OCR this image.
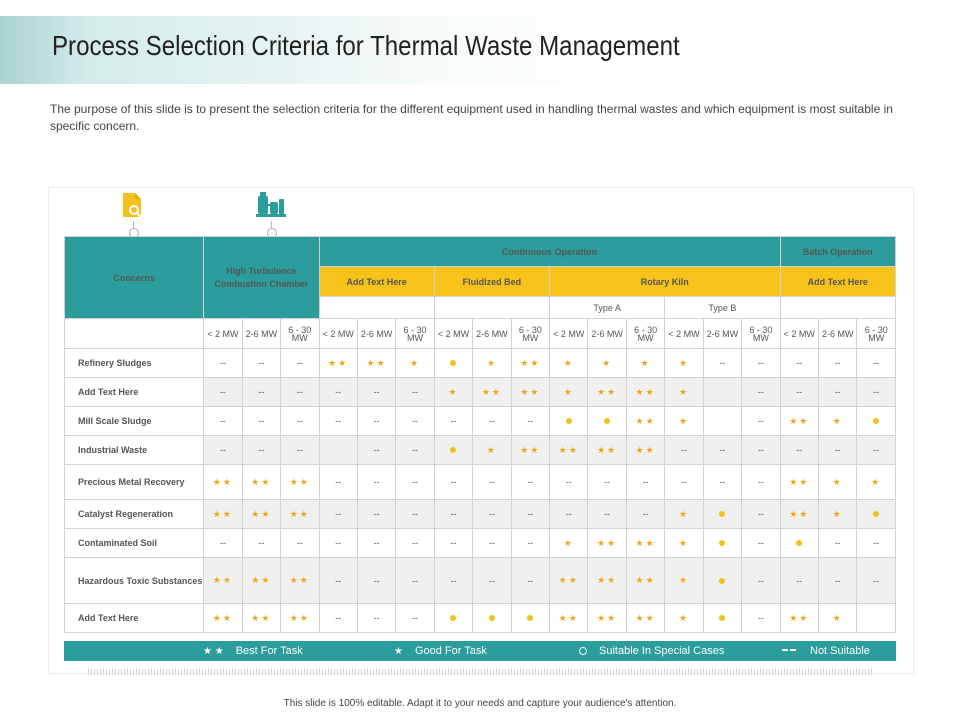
Process Selection Criteria for Thermal Waste Management
The purpose of this slide is to present the selection criteria for the different equipment used in handling thermal wastes and which equipment is most suitable in specific concern.
Concerns	High Turbulence Combustion Chamber			Continuous Operation												Batch Operation		
				Add Text Here			Fluidized Bed			Rotary Kiln						Add Text Here		
										Type A			Type B					
	< 2 MW	2-6 MW	6 - 30 MW	< 2 MW	2-6 MW	6 - 30 MW	< 2 MW	2-6 MW	6 - 30 MW	< 2 MW	2-6 MW	6 - 30 MW	< 2 MW	2-6 MW	6 - 30 MW	< 2 MW	2-6 MW	6 - 30 MW
Refinery Sludges	--	--	--	★★	★★	★		★	★★	★	★	★	★	--	--	--	--	--
Add Text Here	--	--	--	--	--	--	★	★★	★★	★	★★	★★	★		--	--	--	--
Mill Scale Sludge	--	--	--	--	--	--	--	--	--			★★	★		--	★★	★	
Industrial Waste	--	--	--		--	--		★	★★	★★	★★	★★	--	--	--	--	--	--
Precious Metal Recovery	★★	★★	★★	--	--	--	--	--	--	--	--	--	--	--	--	★★	★	★
Catalyst Regeneration	★★	★★	★★	--	--	--	--	--	--	--	--	--	★		--	★★	★	
Contaminated Soil	--	--	--	--	--	--	--	--	--	★	★★	★★	★		--		--	--
Hazardous Toxic Substances	★★	★★	★★	--	--	--	--	--	--	★★	★★	★★	★		--	--	--	--
Add Text Here	★★	★★	★★	--	--	--				★★	★★	★★	★		--	★★	★	
★ ★ Best For Task	★ Good For Task	Suitable In Special Cases	Not Suitable
This slide is 100% editable. Adapt it to your needs and capture your audience's attention.
